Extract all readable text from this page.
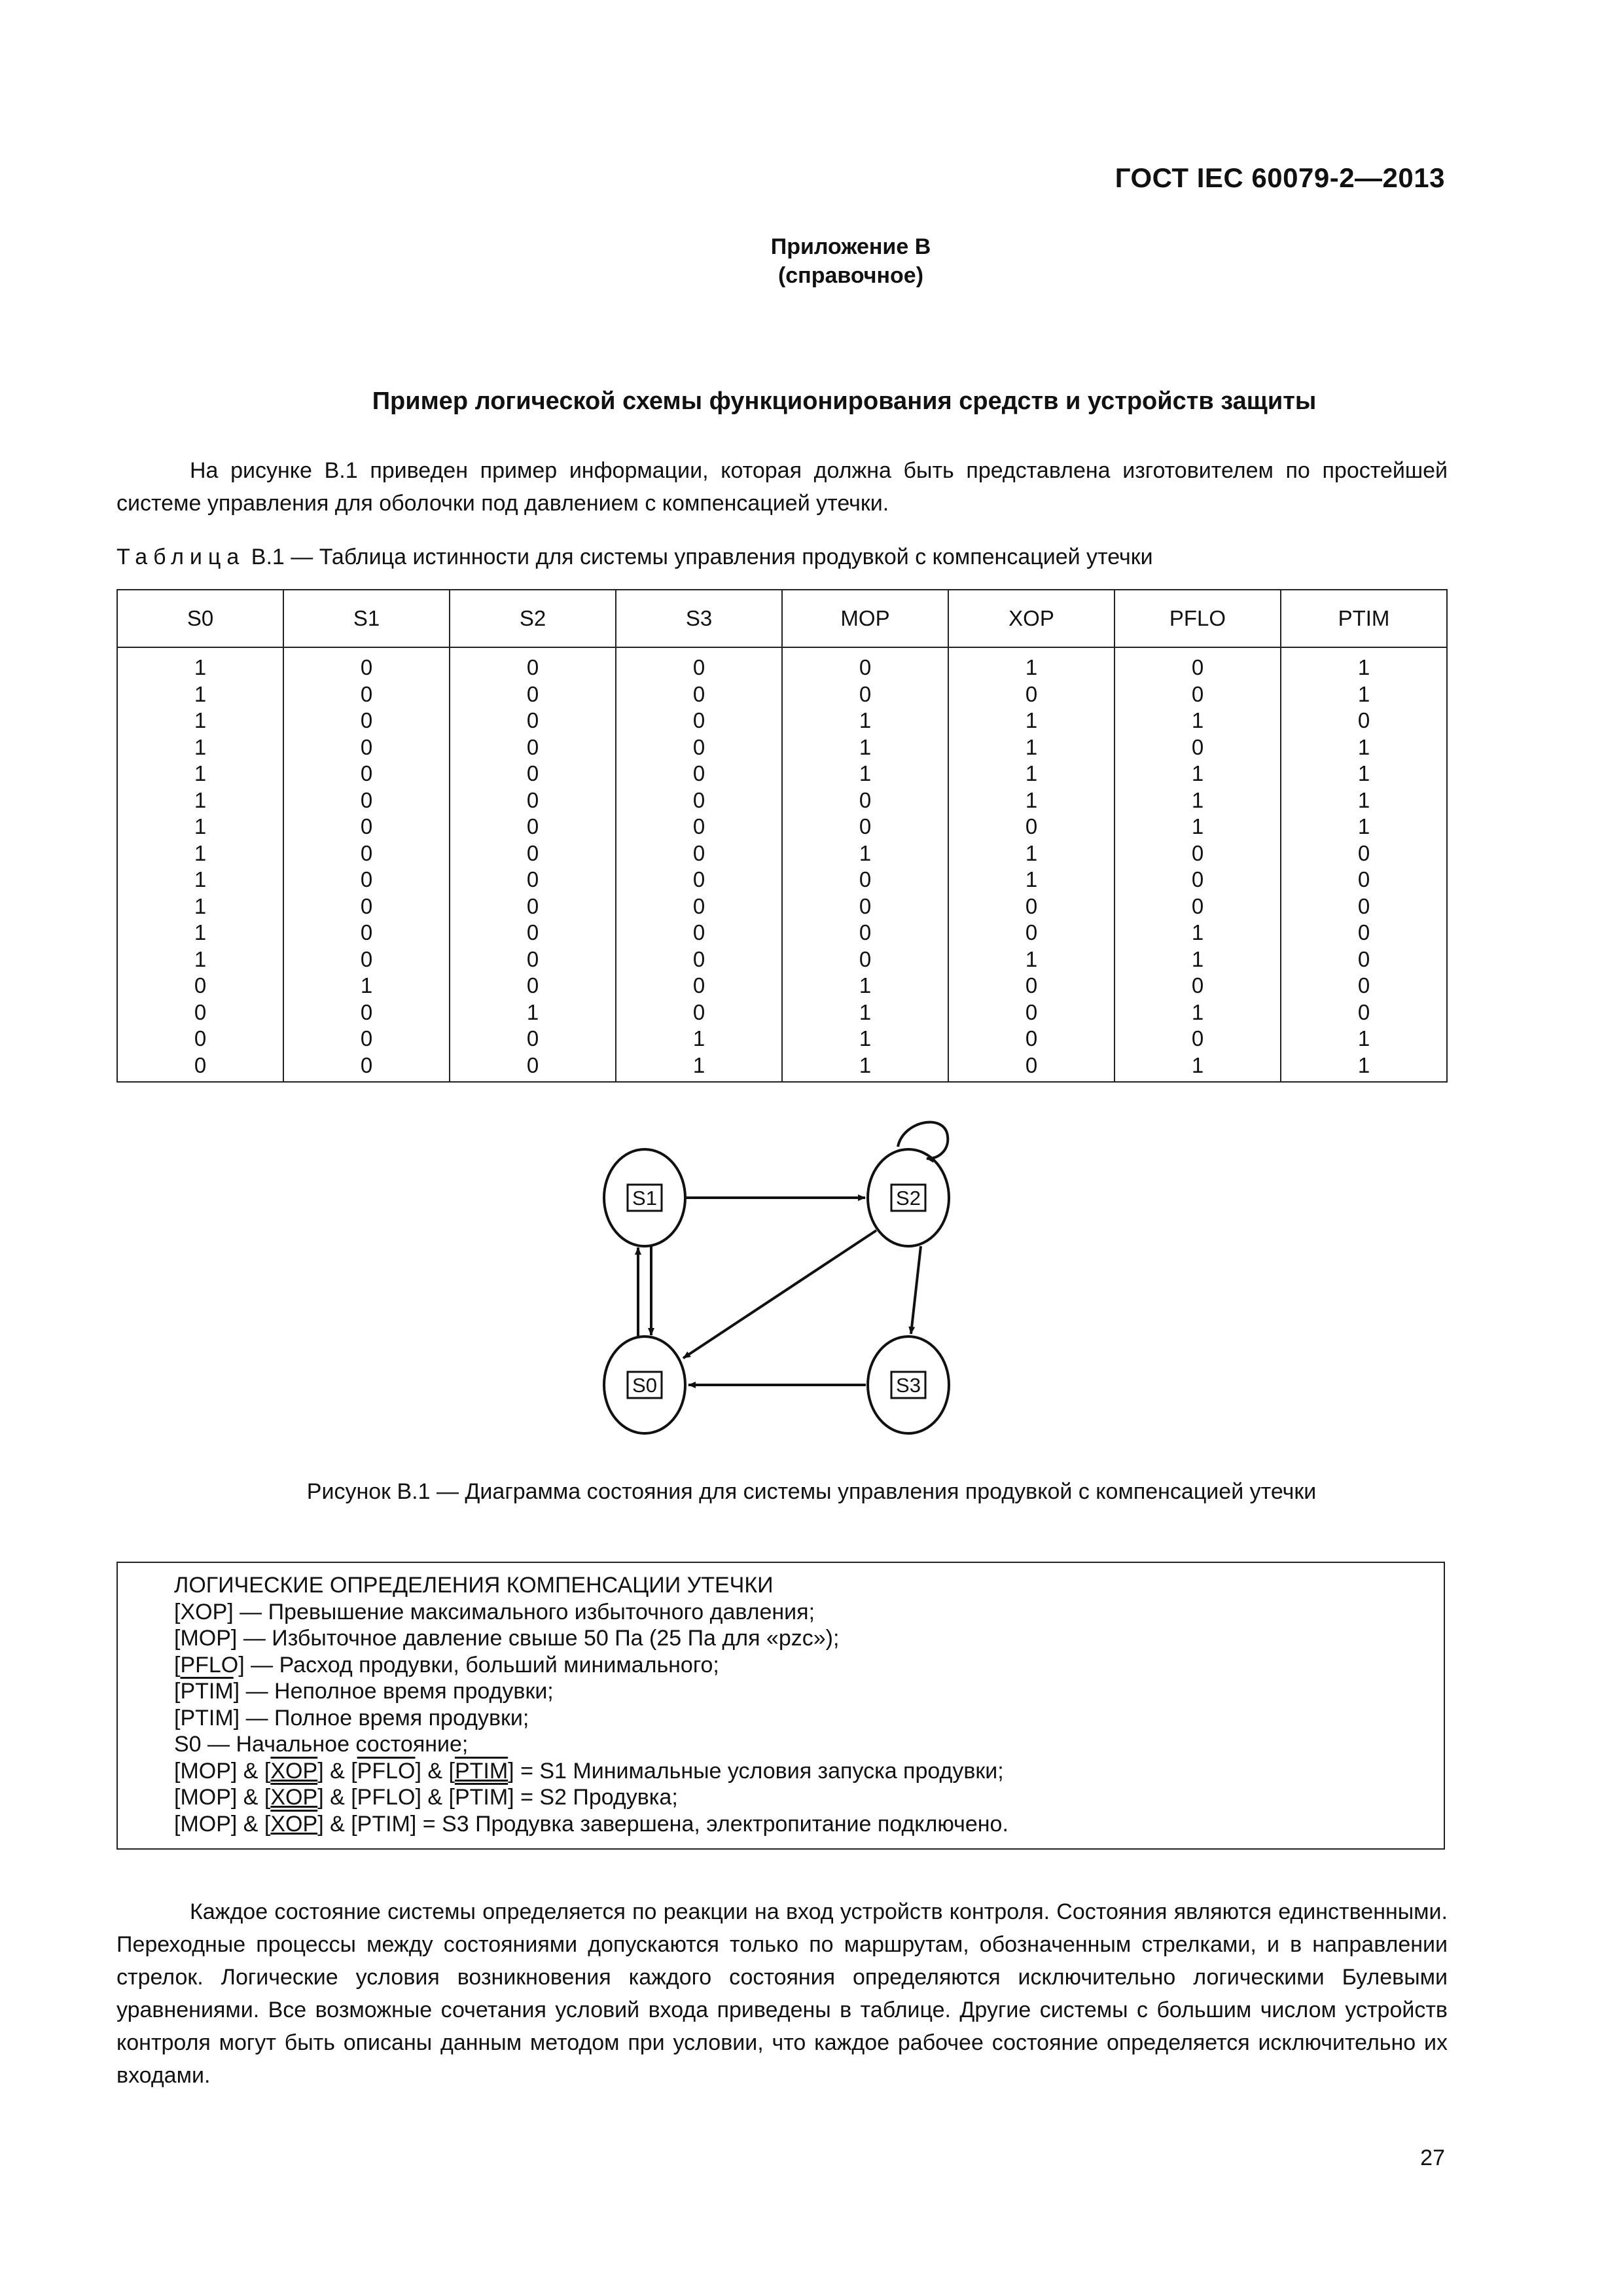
ГОСТ IEC 60079-2—2013
Приложение В
(справочное)
Пример логической схемы функционирования средств и устройств защиты
На рисунке В.1 приведен пример информации, которая должна быть представлена изготовителем по простейшей системе управления для оболочки под давлением с компенсацией утечки.
Таблица В.1 — Таблица истинности для системы управления продувкой с компенсацией утечки
S0	S1	S2	S3	MOP	XOP	PFLO	PTIM
1	0	0	0	0	1	0	1
1	0	0	0	0	0	0	1
1	0	0	0	1	1	1	0
1	0	0	0	1	1	0	1
1	0	0	0	1	1	1	1
1	0	0	0	0	1	1	1
1	0	0	0	0	0	1	1
1	0	0	0	1	1	0	0
1	0	0	0	0	1	0	0
1	0	0	0	0	0	0	0
1	0	0	0	0	0	1	0
1	0	0	0	0	1	1	0
0	1	0	0	1	0	0	0
0	0	1	0	1	0	1	0
0	0	0	1	1	0	0	1
0	0	0	1	1	0	1	1
S1	S2
S0	S3
Рисунок В.1 — Диаграмма состояния для системы управления продувкой с компенсацией утечки
ЛОГИЧЕСКИЕ ОПРЕДЕЛЕНИЯ КОМПЕНСАЦИИ УТЕЧКИ
[XOP] — Превышение максимального избыточного давления;
[MOP] — Избыточное давление свыше 50 Па (25 Па для «pzc»);
[PFLO] — Расход продувки, больший минимального;
[PTIM] — Неполное время продувки;
[PTIM] — Полное время продувки;
S0 — Начальное состояние;
[MOP] & [XOP] & [PFLO] & [PTIM] = S1 Минимальные условия запуска продувки;
[MOP] & [XOP] & [PFLO] & [PTIM] = S2 Продувка;
[MOP] & [XOP] & [PTIM] = S3 Продувка завершена, электропитание подключено.
Каждое состояние системы определяется по реакции на вход устройств контроля. Состояния являются единственными. Переходные процессы между состояниями допускаются только по маршрутам, обозначенным стрелками, и в направлении стрелок. Логические условия возникновения каждого состояния определяются исключительно логическими Булевыми уравнениями. Все возможные сочетания условий входа приведены в таблице. Другие системы с большим числом устройств контроля могут быть описаны данным методом при условии, что каждое рабочее состояние определяется исключительно их входами.
27
